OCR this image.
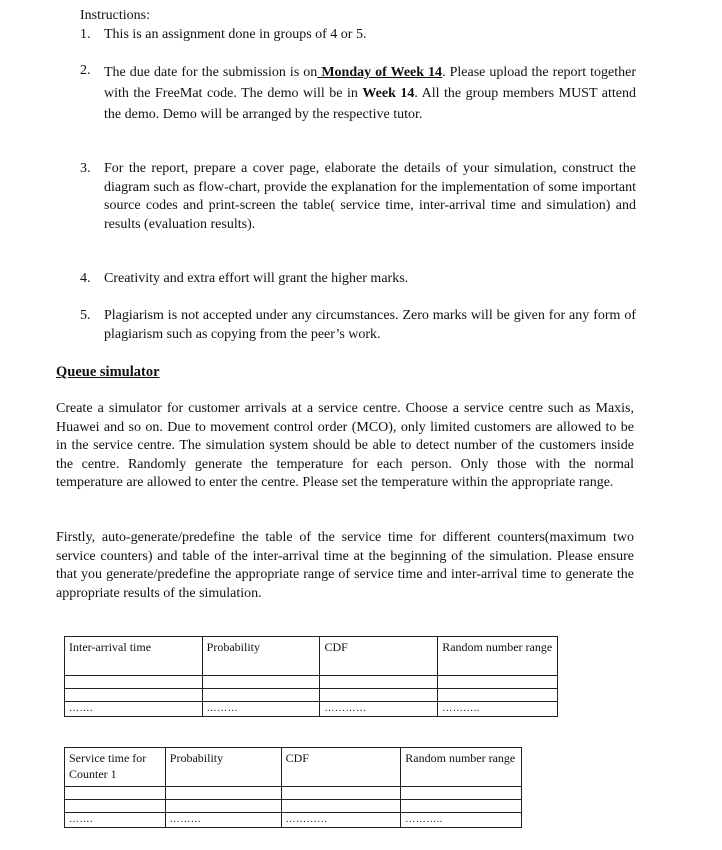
Instructions:
1. This is an assignment done in groups of 4 or 5.
2. The due date for the submission is on Monday of Week 14. Please upload the report together with the FreeMat code. The demo will be in Week 14. All the group members MUST attend the demo. Demo will be arranged by the respective tutor.
3. For the report, prepare a cover page, elaborate the details of your simulation, construct the diagram such as flow-chart, provide the explanation for the implementation of some important source codes and print-screen the table( service time, inter-arrival time and simulation) and results (evaluation results).
4. Creativity and extra effort will grant the higher marks.
5. Plagiarism is not accepted under any circumstances. Zero marks will be given for any form of plagiarism such as copying from the peer’s work.
Queue simulator
Create a simulator for customer arrivals at a service centre. Choose a service centre such as Maxis, Huawei and so on. Due to movement control order (MCO), only limited customers are allowed to be in the service centre. The simulation system should be able to detect number of the customers inside the centre. Randomly generate the temperature for each person. Only those with the normal temperature are allowed to enter the centre. Please set the temperature within the appropriate range.
Firstly, auto-generate/predefine the table of the service time for different counters(maximum two service counters) and table of the inter-arrival time at the beginning of the simulation. Please ensure that you generate/predefine the appropriate range of service time and inter-arrival time to generate the appropriate results of the simulation.
Inter-arrival time	Probability	CDF	Random number range

…….	………	…………	………..
Service time for Counter 1	Probability	CDF	Random number range

…….	………	…………	………..
